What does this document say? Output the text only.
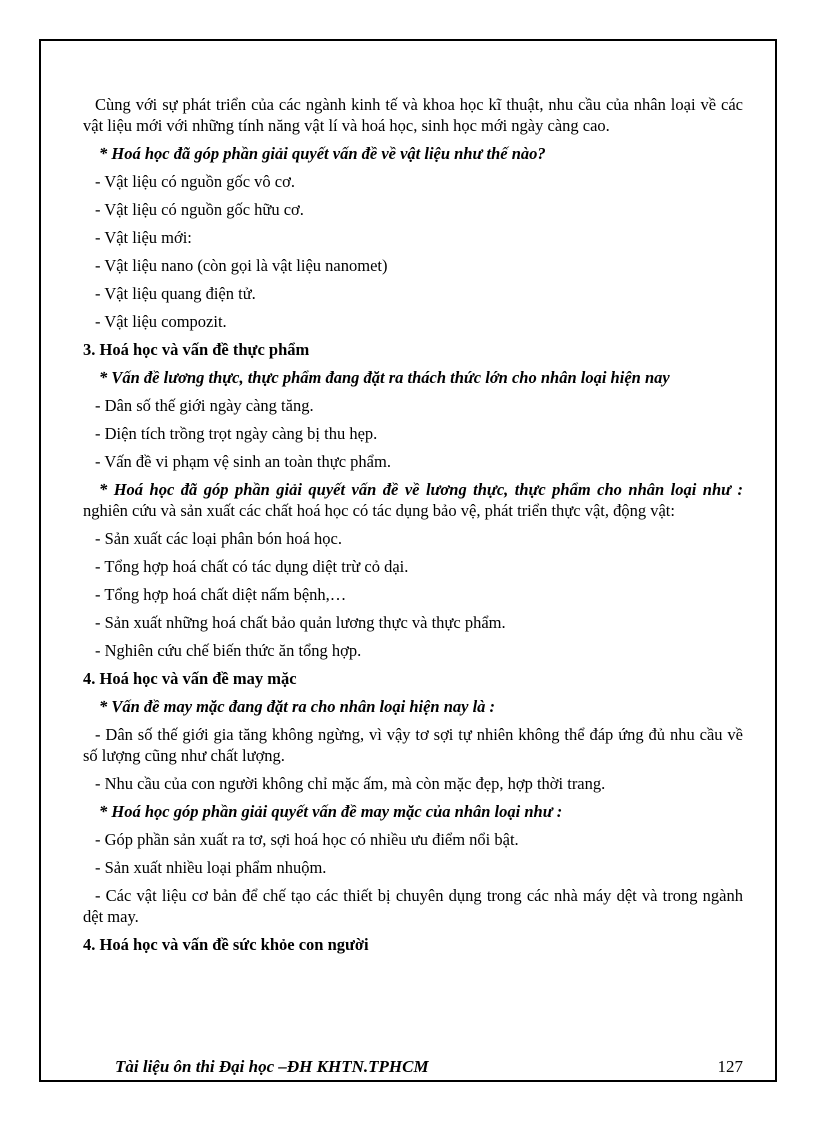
Cùng với sự phát triển của các ngành kinh tế và khoa học kĩ thuật, nhu cầu của nhân loại về các vật liệu mới với những tính năng vật lí và hoá học, sinh học mới ngày càng cao.

* Hoá học đã góp phần giải quyết vấn đề về vật liệu như thế nào?

- Vật liệu có nguồn gốc vô cơ.
- Vật liệu có nguồn gốc hữu cơ.
- Vật liệu mới:
- Vật liệu nano (còn gọi là vật liệu nanomet)
- Vật liệu quang điện tử.
- Vật liệu compozit.
3. Hoá học và vấn đề thực phẩm

* Vấn đề lương thực, thực phẩm đang đặt ra thách thức lớn cho nhân loại hiện nay

- Dân số thế giới ngày càng tăng.
- Diện tích trồng trọt ngày càng bị thu hẹp.
- Vấn đề vi phạm vệ sinh an toàn thực phẩm.

* Hoá học đã góp phần giải quyết vấn đề về lương thực, thực phẩm cho nhân loại như : nghiên cứu và sản xuất các chất hoá học có tác dụng bảo vệ, phát triển thực vật, động vật:

- Sản xuất các loại phân bón hoá học.
- Tổng hợp hoá chất có tác dụng diệt trừ cỏ dại.
- Tổng hợp hoá chất diệt nấm bệnh,…
- Sản xuất những hoá chất bảo quản lương thực và thực phẩm.
- Nghiên cứu chế biến thức ăn tổng hợp.
4. Hoá học và vấn đề may mặc

* Vấn đề may mặc đang đặt ra cho nhân loại hiện nay là :

- Dân số thế giới gia tăng không ngừng, vì vậy tơ sợi tự nhiên không thể đáp ứng đủ nhu cầu về số lượng cũng như chất lượng.

- Nhu cầu của con người không chỉ mặc ấm, mà còn mặc đẹp, hợp thời trang.

* Hoá học góp phần giải quyết vấn đề may mặc của nhân loại như :

- Góp phần sản xuất ra tơ, sợi hoá học có nhiều ưu điểm nổi bật.
- Sản xuất nhiều loại phẩm nhuộm.

- Các vật liệu cơ bản để chế tạo các thiết bị chuyên dụng trong các nhà máy dệt và trong ngành dệt may.

4. Hoá học và vấn đề sức khỏe con người
Tài liệu ôn thi Đại học –ĐH KHTN.TPHCM	127
